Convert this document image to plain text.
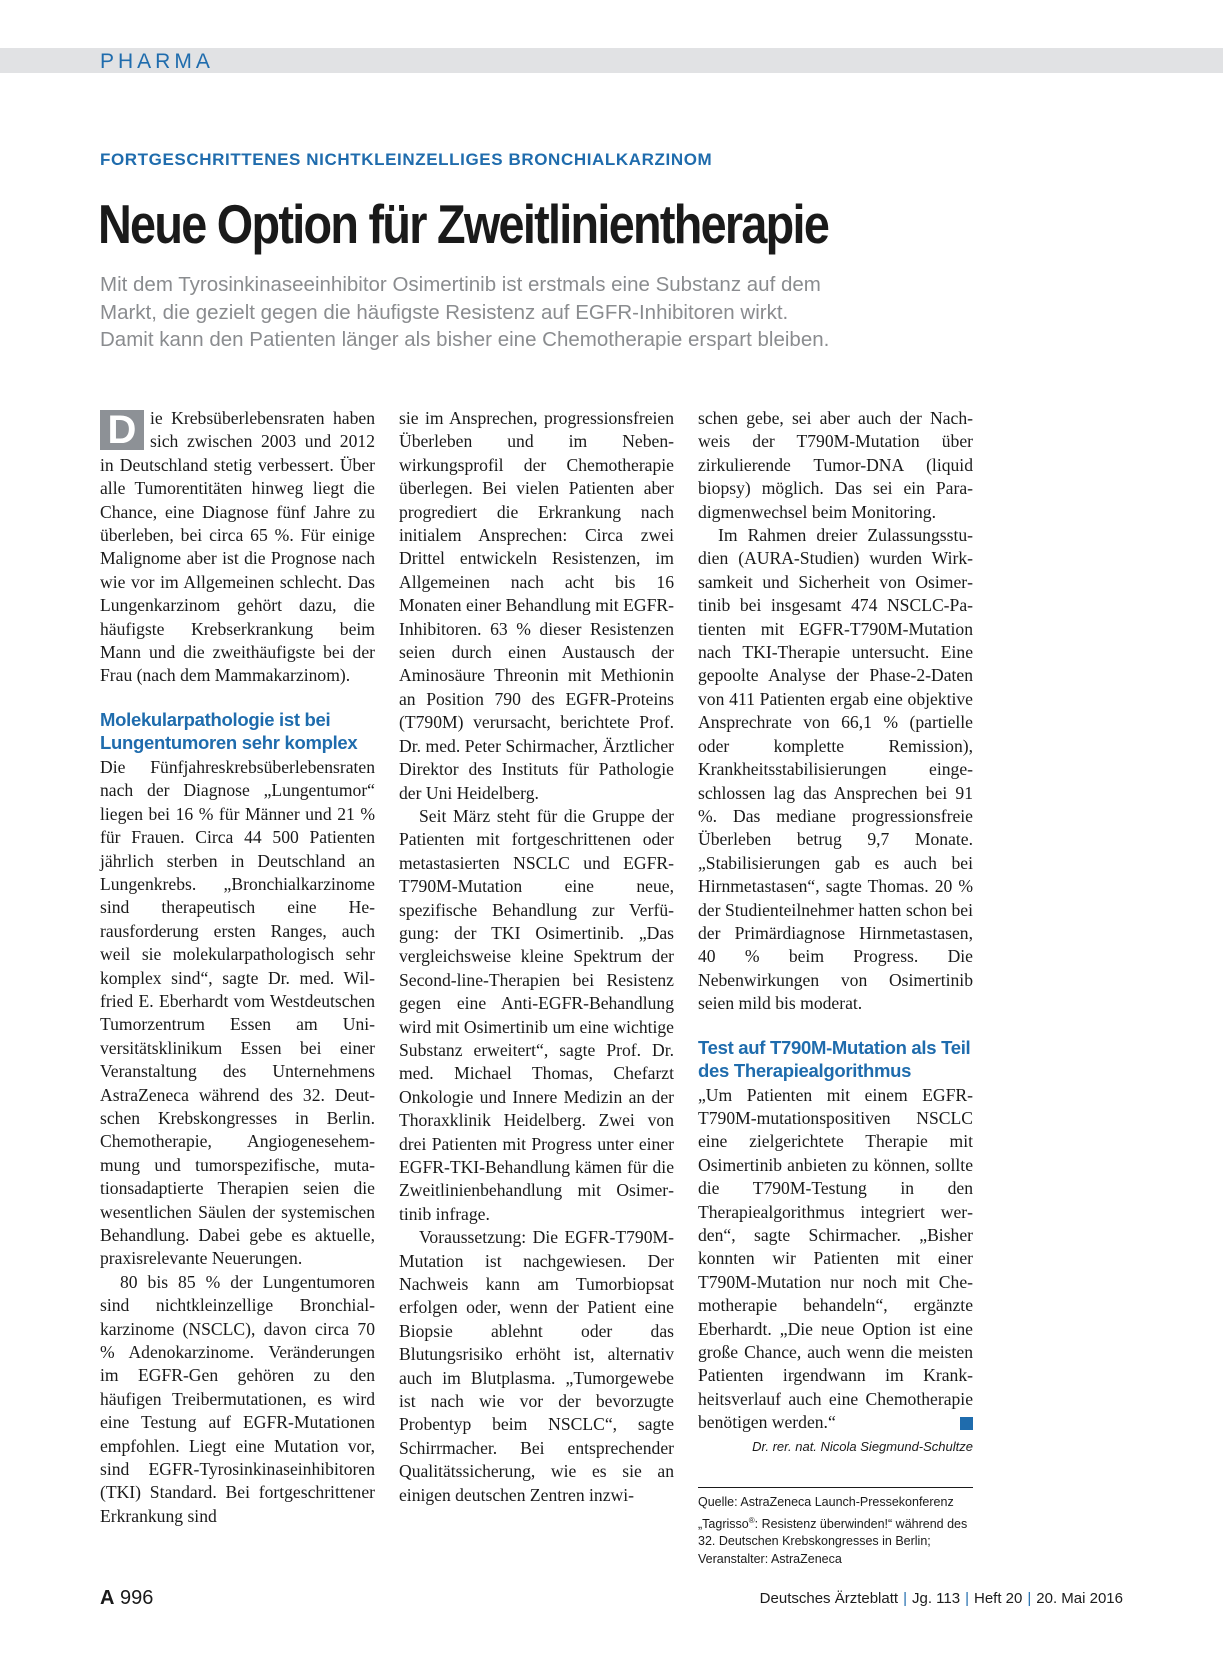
PHARMA
FORTGESCHRITTENES NICHTKLEINZELLIGES BRONCHIALKARZINOM
Neue Option für Zweitlinientherapie
Mit dem Tyrosinkinaseeinhibitor Osimertinib ist erstmals eine Substanz auf dem
Markt, die gezielt gegen die häufigste Resistenz auf EGFR-Inhibitoren wirkt.
Damit kann den Patienten länger als bisher eine Chemotherapie erspart bleiben.

D ie Krebsüberlebensraten haben sich zwischen 2003 und 2012 in Deutschland stetig verbessert. Über alle Tumorentitäten hinweg liegt die Chance, eine Diagnose fünf Jahre zu überleben, bei circa 65 %. Für einige Malignome aber ist die Prognose nach wie vor im Allgemeinen schlecht. Das Lungenkarzinom gehört dazu, die häufigste Krebserkrankung beim Mann und die zweithäufigste bei der Frau (nach dem Mammakarzinom).

Molekularpathologie ist bei Lungentumoren sehr komplex

Die Fünfjahreskrebsüberlebensraten nach der Diagnose „Lungentumor“ liegen bei 16 % für Männer und 21 % für Frauen. Circa 44 500 Patienten jährlich sterben in Deutschland an Lungenkrebs. „Bronchialkarzinome sind therapeutisch eine Herausforderung ersten Ranges, auch weil sie molekularpathologisch sehr komplex sind“, sagte Dr. med. Wilfried E. Eberhardt vom Westdeutschen Tumorzentrum Essen am Universitätsklinikum Essen bei einer Veranstaltung des Unternehmens AstraZeneca während des 32. Deutschen Krebskongresses in Berlin. Chemotherapie, Angiogenesehemmung und tumorspezifische, mutationsadaptierte Therapien seien die wesentlichen Säulen der systemischen Behandlung. Dabei gebe es aktuelle, praxisrelevante Neuerungen.

80 bis 85 % der Lungentumoren sind nichtkleinzellige Bronchialkarzinome (NSCLC), davon circa 70 % Adenokarzinome. Veränderungen im EGFR-Gen gehören zu den häufigen Treibermutationen, es wird eine Testung auf EGFR-Mutationen empfohlen. Liegt eine Mutation vor, sind EGFR-Tyrosinkinaseinhibitoren (TKI) Standard. Bei fortgeschrittener Erkrankung sind

sie im Ansprechen, progressionsfreien Überleben und im Nebenwirkungsprofil der Chemotherapie überlegen. Bei vielen Patienten aber progrediert die Erkrankung nach initialem Ansprechen: Circa zwei Drittel entwickeln Resistenzen, im Allgemeinen nach acht bis 16 Monaten einer Behandlung mit EGFR-Inhibitoren. 63 % dieser Resistenzen seien durch einen Austausch der Aminosäure Threonin mit Methionin an Position 790 des EGFR-Proteins (T790M) verursacht, berichtete Prof. Dr. med. Peter Schirmacher, Ärztlicher Direktor des Instituts für Pathologie der Uni Heidelberg.

Seit März steht für die Gruppe der Patienten mit fortgeschrittenen oder metastasierten NSCLC und EGFR-T790M-Mutation eine neue, spezifische Behandlung zur Verfügung: der TKI Osimertinib. „Das vergleichsweise kleine Spektrum der Second-line-Therapien bei Resistenz gegen eine Anti-EGFR-Behandlung wird mit Osimertinib um eine wichtige Substanz erweitert“, sagte Prof. Dr. med. Michael Thomas, Chefarzt Onkologie und Innere Medizin an der Thoraxklinik Heidelberg. Zwei von drei Patienten mit Progress unter einer EGFR-TKI-Behandlung kämen für die Zweitlinienbehandlung mit Osimertinib infrage.

Voraussetzung: Die EGFR-T790M-Mutation ist nachgewiesen. Der Nachweis kann am Tumorbiopsat erfolgen oder, wenn der Patient eine Biopsie ablehnt oder das Blutungsrisiko erhöht ist, alternativ auch im Blutplasma. „Tumorgewebe ist nach wie vor der bevorzugte Probentyp beim NSCLC“, sagte Schirrmacher. Bei entsprechender Qualitätssicherung, wie es sie an einigen deutschen Zentren inzwi-

schen gebe, sei aber auch der Nachweis der T790M-Mutation über zirkulierende Tumor-DNA (liquid biopsy) möglich. Das sei ein Paradigmenwechsel beim Monitoring.

Im Rahmen dreier Zulassungsstudien (AURA-Studien) wurden Wirksamkeit und Sicherheit von Osimertinib bei insgesamt 474 NSCLC-Patienten mit EGFR-T790M-Mutation nach TKI-Therapie untersucht. Eine gepoolte Analyse der Phase-2-Daten von 411 Patienten ergab eine objektive Ansprechrate von 66,1 % (partielle oder komplette Remission), Krankheitsstabilisierungen eingeschlossen lag das Ansprechen bei 91 %. Das mediane progressionsfreie Überleben betrug 9,7 Monate. „Stabilisierungen gab es auch bei Hirnmetastasen“, sagte Thomas. 20 % der Studienteilnehmer hatten schon bei der Primärdiagnose Hirnmetastasen, 40 % beim Progress. Die Nebenwirkungen von Osimertinib seien mild bis moderat.

Test auf T790M-Mutation als Teil des Therapiealgorithmus

„Um Patienten mit einem EGFR-T790M-mutationspositiven NSCLC eine zielgerichtete Therapie mit Osimertinib anbieten zu können, sollte die T790M-Testung in den Therapiealgorithmus integriert werden“, sagte Schirmacher. „Bisher konnten wir Patienten mit einer T790M-Mutation nur noch mit Chemotherapie behandeln“, ergänzte Eberhardt. „Die neue Option ist eine große Chance, auch wenn die meisten Patienten irgendwann im Krankheitsverlauf auch eine Chemotherapie benötigen werden.“

Dr. rer. nat. Nicola Siegmund-Schultze
Quelle: AstraZeneca Launch-Pressekonferenz
„Tagrisso®: Resistenz überwinden!“ während des
32. Deutschen Krebskongresses in Berlin;
Veranstalter: AstraZeneca
A 996	Deutsches Ärzteblatt | Jg. 113 | Heft 20 | 20. Mai 2016
